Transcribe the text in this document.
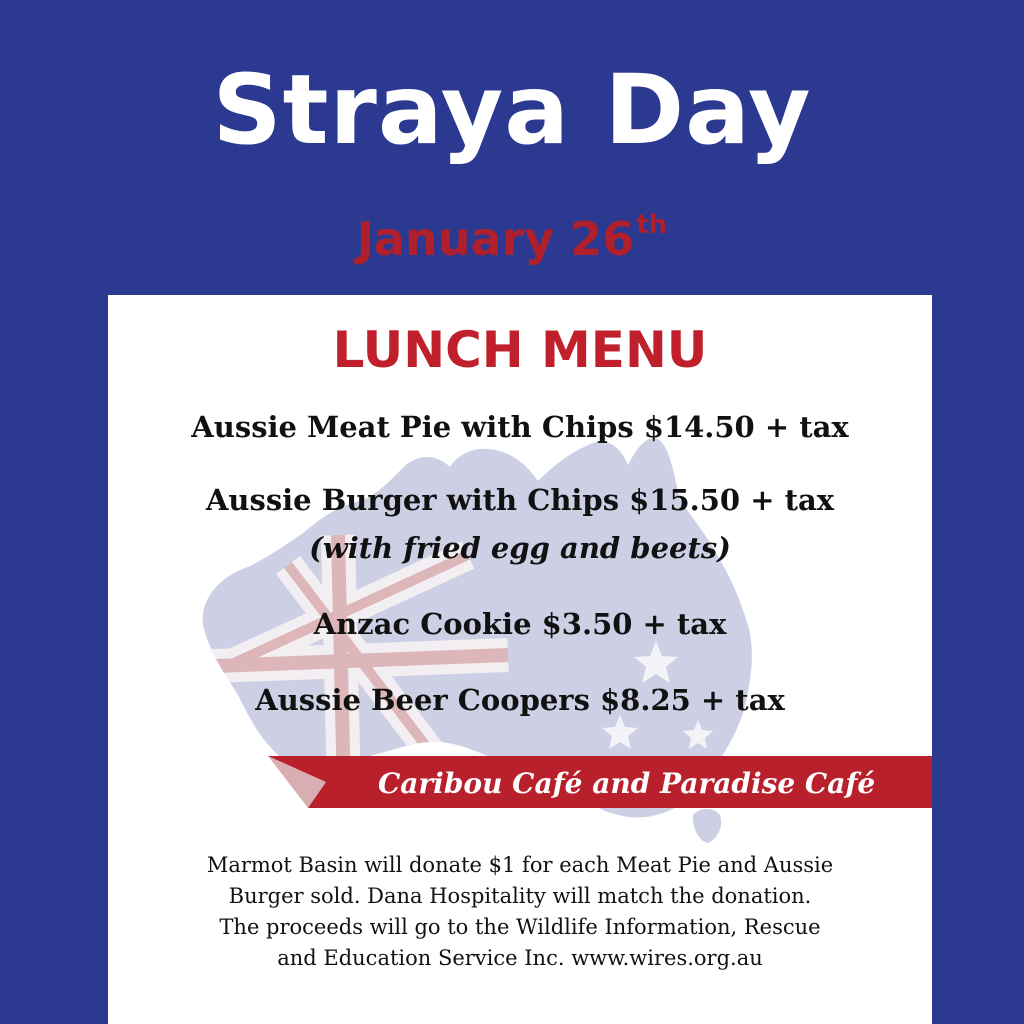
Straya Day
January 26th
LUNCH MENU
Aussie Meat Pie with Chips $14.50 + tax
Aussie Burger with Chips $15.50 + tax
(with fried egg and beets)
Anzac Cookie $3.50 + tax
Aussie Beer Coopers $8.25 + tax
Caribou Café and Paradise Café
Marmot Basin will donate $1 for each Meat Pie and Aussie
Burger sold. Dana Hospitality will match the donation.
The proceeds will go to the Wildlife Information, Rescue
and Education Service Inc. www.wires.org.au
